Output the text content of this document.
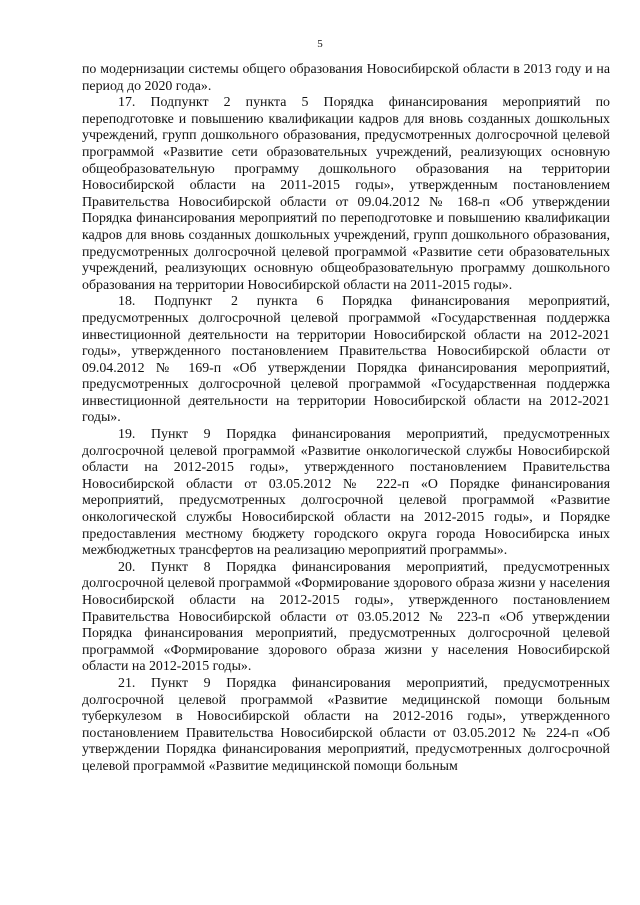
5

по модернизации системы общего образования Новосибирской области в 2013 году и на период до 2020 года».

17. Подпункт 2 пункта 5 Порядка финансирования мероприятий по переподготовке и повышению квалификации кадров для вновь созданных дошкольных учреждений, групп дошкольного образования, предусмотренных долгосрочной целевой программой «Развитие сети образовательных учреждений, реализующих основную общеобразовательную программу дошкольного образования на территории Новосибирской области на 2011-2015 годы», утвержденным постановлением Правительства Новосибирской области от 09.04.2012 № 168-п «Об утверждении Порядка финансирования мероприятий по переподготовке и повышению квалификации кадров для вновь созданных дошкольных учреждений, групп дошкольного образования, предусмотренных долгосрочной целевой программой «Развитие сети образовательных учреждений, реализующих основную общеобразовательную программу дошкольного образования на территории Новосибирской области на 2011-2015 годы».

18. Подпункт 2 пункта 6 Порядка финансирования мероприятий, предусмотренных долгосрочной целевой программой «Государственная поддержка инвестиционной деятельности на территории Новосибирской области на 2012-2021 годы», утвержденного постановлением Правительства Новосибирской области от 09.04.2012 № 169-п «Об утверждении Порядка финансирования мероприятий, предусмотренных долгосрочной целевой программой «Государственная поддержка инвестиционной деятельности на территории Новосибирской области на 2012-2021 годы».

19. Пункт 9 Порядка финансирования мероприятий, предусмотренных долгосрочной целевой программой «Развитие онкологической службы Новосибирской области на 2012-2015 годы», утвержденного постановлением Правительства Новосибирской области от 03.05.2012 № 222-п «О Порядке финансирования мероприятий, предусмотренных долгосрочной целевой программой «Развитие онкологической службы Новосибирской области на 2012-2015 годы», и Порядке предоставления местному бюджету городского округа города Новосибирска иных межбюджетных трансфертов на реализацию мероприятий программы».

20. Пункт 8 Порядка финансирования мероприятий, предусмотренных долгосрочной целевой программой «Формирование здорового образа жизни у населения Новосибирской области на 2012-2015 годы», утвержденного постановлением Правительства Новосибирской области от 03.05.2012 № 223-п «Об утверждении Порядка финансирования мероприятий, предусмотренных долгосрочной целевой программой «Формирование здорового образа жизни у населения Новосибирской области на 2012-2015 годы».

21. Пункт 9 Порядка финансирования мероприятий, предусмотренных долгосрочной целевой программой «Развитие медицинской помощи больным туберкулезом в Новосибирской области на 2012-2016 годы», утвержденного постановлением Правительства Новосибирской области от 03.05.2012 № 224-п «Об утверждении Порядка финансирования мероприятий, предусмотренных долгосрочной целевой программой «Развитие медицинской помощи больным
